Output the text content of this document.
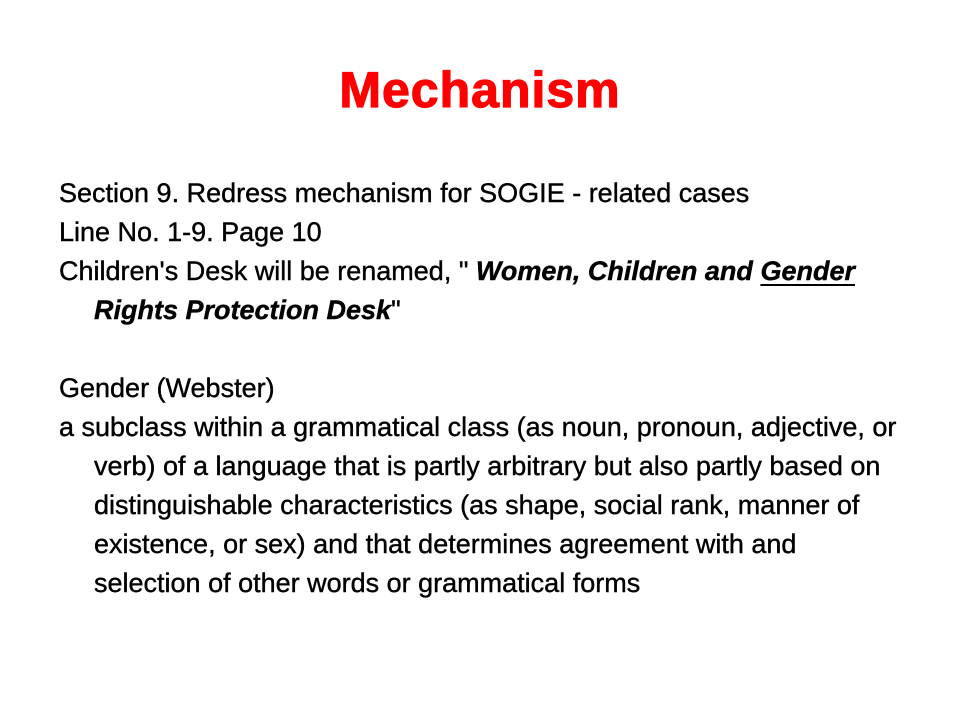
Mechanism

Section 9. Redress mechanism for SOGIE - related cases

Line No. 1-9. Page 10

Children's Desk will be renamed, " Women, Children and Gender Rights Protection Desk"

Gender (Webster)

a subclass within a grammatical class (as noun, pronoun, adjective, or verb) of a language that is partly arbitrary but also partly based on distinguishable characteristics (as shape, social rank, manner of existence, or sex) and that determines agreement with and selection of other words or grammatical forms
